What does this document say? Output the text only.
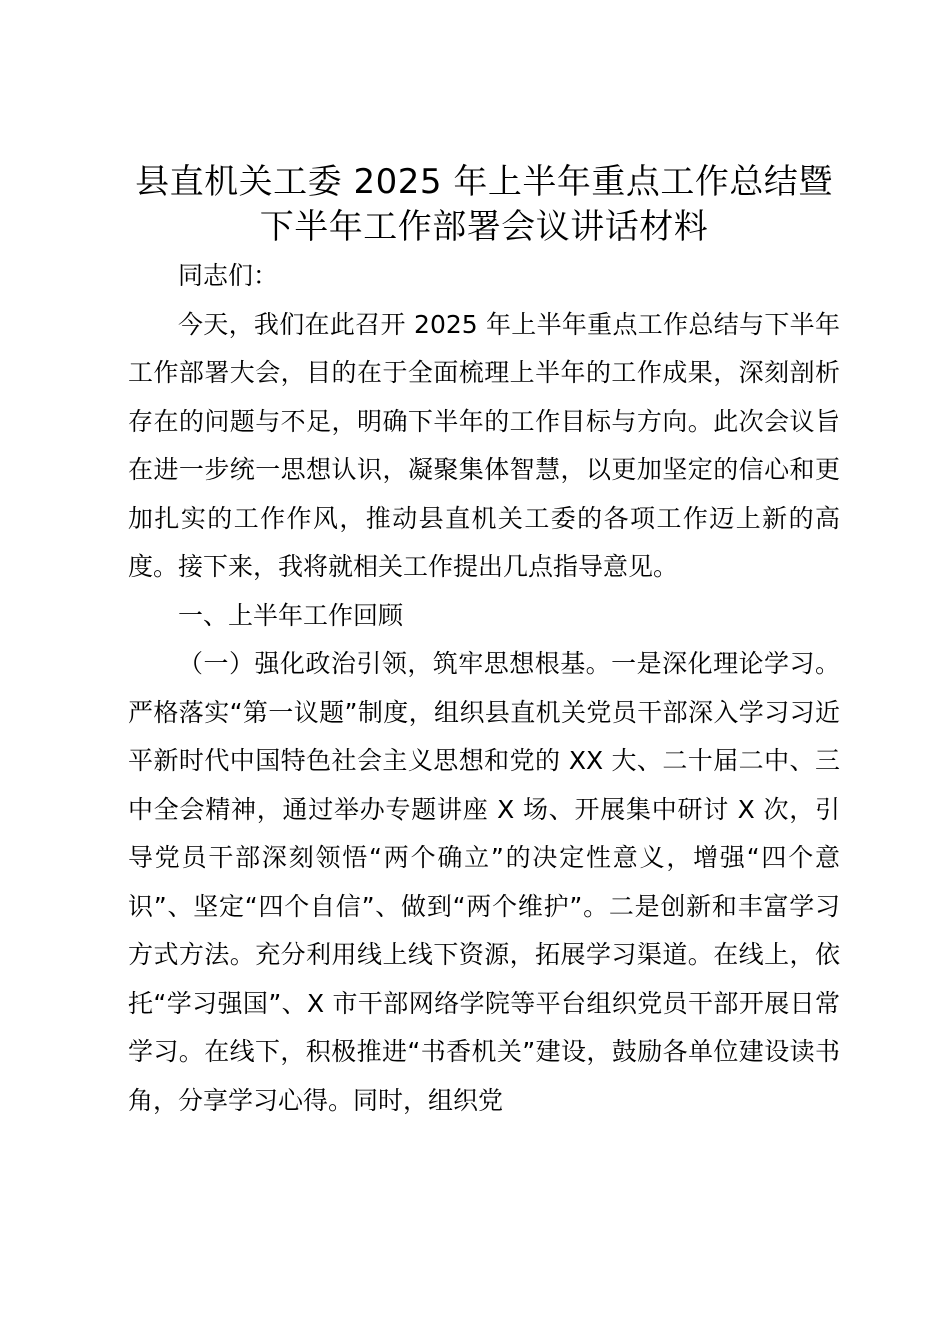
县直机关工委 2025 年上半年重点工作总结暨
下半年工作部署会议讲话材料

同志们：

今天，我们在此召开 2025 年上半年重点工作总结与下半年工作部署大会，目的在于全面梳理上半年的工作成果，深刻剖析存在的问题与不足，明确下半年的工作目标与方向。此次会议旨在进一步统一思想认识，凝聚集体智慧，以更加坚定的信心和更加扎实的工作作风，推动县直机关工委的各项工作迈上新的高度。接下来，我将就相关工作提出几点指导意见。

一、上半年工作回顾

（一）强化政治引领，筑牢思想根基。一是深化理论学习。严格落实“第一议题”制度，组织县直机关党员干部深入学习习近平新时代中国特色社会主义思想和党的 XX 大、二十届二中、三中全会精神，通过举办专题讲座 X 场、开展集中研讨 X 次，引导党员干部深刻领悟“两个确立”的决定性意义，增强“四个意识”、坚定“四个自信”、做到“两个维护”。二是创新和丰富学习方式方法。充分利用线上线下资源，拓展学习渠道。在线上，依托“学习强国”、X 市干部网络学院等平台组织党员干部开展日常学习。在线下，积极推进“书香机关”建设，鼓励各单位建设读书角，分享学习心得。同时，组织党
